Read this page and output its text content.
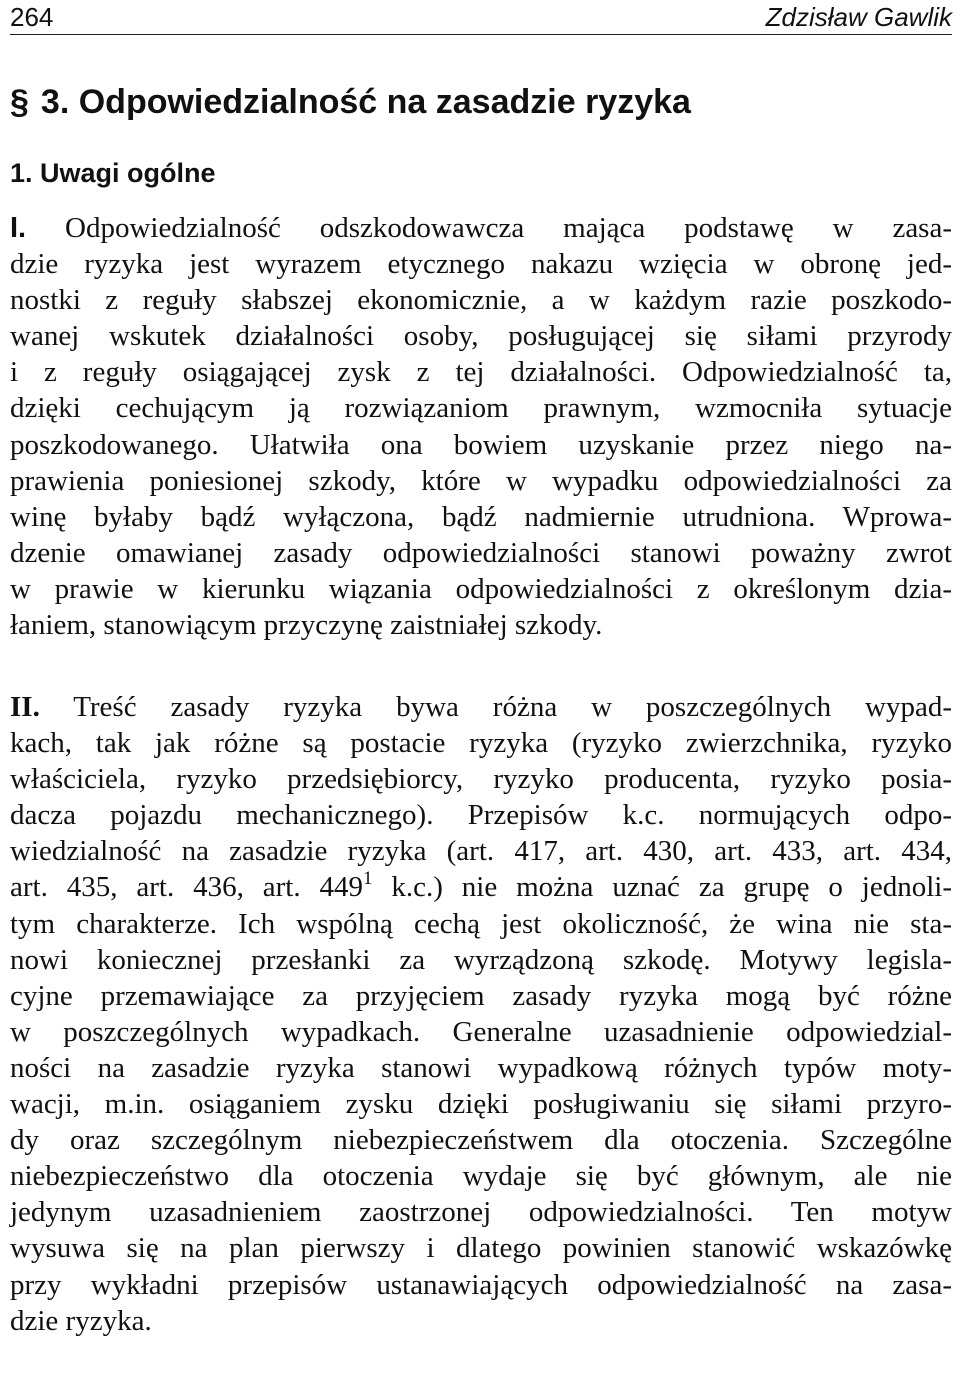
264	Zdzisław Gawlik
§ 3. Odpowiedzialność na zasadzie ryzyka
1. Uwagi ogólne
I. Odpowiedzialność odszkodowawcza mająca podstawę w zasa-
dzie ryzyka jest wyrazem etycznego nakazu wzięcia w obronę jed-
nostki z reguły słabszej ekonomicznie, a w każdym razie poszkodo-
wanej wskutek działalności osoby, posługującej się siłami przyrody
i z reguły osiągającej zysk z tej działalności. Odpowiedzialność ta,
dzięki cechującym ją rozwiązaniom prawnym, wzmocniła sytuacje
poszkodowanego. Ułatwiła ona bowiem uzyskanie przez niego na-
prawienia poniesionej szkody, które w wypadku odpowiedzialności za
winę byłaby bądź wyłączona, bądź nadmiernie utrudniona. Wprowa-
dzenie omawianej zasady odpowiedzialności stanowi poważny zwrot
w prawie w kierunku wiązania odpowiedzialności z określonym dzia-
łaniem, stanowiącym przyczynę zaistniałej szkody.
II. Treść zasady ryzyka bywa różna w poszczególnych wypad-
kach, tak jak różne są postacie ryzyka (ryzyko zwierzchnika, ryzyko
właściciela, ryzyko przedsiębiorcy, ryzyko producenta, ryzyko posia-
dacza pojazdu mechanicznego). Przepisów k.c. normujących odpo-
wiedzialność na zasadzie ryzyka (art. 417, art. 430, art. 433, art. 434,
art. 435, art. 436, art. $449^1$ k.c.) nie można uznać za grupę o jednoli-
tym charakterze. Ich wspólną cechą jest okoliczność, że wina nie sta-
nowi koniecznej przesłanki za wyrządzoną szkodę. Motywy legisla-
cyjne przemawiające za przyjęciem zasady ryzyka mogą być różne
w poszczególnych wypadkach. Generalne uzasadnienie odpowiedzial-
ności na zasadzie ryzyka stanowi wypadkową różnych typów moty-
wacji, m.in. osiąganiem zysku dzięki posługiwaniu się siłami przyro-
dy oraz szczególnym niebezpieczeństwem dla otoczenia. Szczególne
niebezpieczeństwo dla otoczenia wydaje się być głównym, ale nie
jedynym uzasadnieniem zaostrzonej odpowiedzialności. Ten motyw
wysuwa się na plan pierwszy i dlatego powinien stanowić wskazówkę
przy wykładni przepisów ustanawiających odpowiedzialność na zasa-
dzie ryzyka.
